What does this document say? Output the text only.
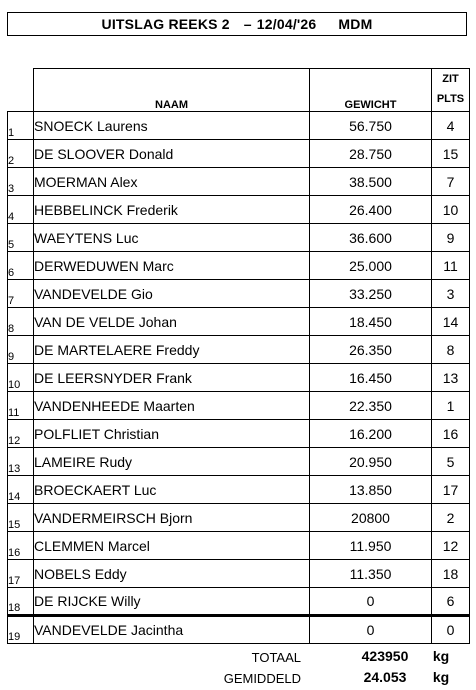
UITSLAG REEKS 2 – 12/04/'26 MDM
	NAAM	GEWICHT	ZIT
PLTS
1	SNOECK Laurens	56.750	4
2	DE SLOOVER Donald	28.750	15
3	MOERMAN Alex	38.500	7
4	HEBBELINCK Frederik	26.400	10
5	WAEYTENS Luc	36.600	9
6	DERWEDUWEN Marc	25.000	11
7	VANDEVELDE Gio	33.250	3
8	VAN DE VELDE Johan	18.450	14
9	DE MARTELAERE Freddy	26.350	8
10	DE LEERSNYDER Frank	16.450	13
11	VANDENHEEDE Maarten	22.350	1
12	POLFLIET Christian	16.200	16
13	LAMEIRE Rudy	20.950	5
14	BROECKAERT Luc	13.850	17
15	VANDERMEIRSCH Bjorn	20800	2
16	CLEMMEN Marcel	11.950	12
17	NOBELS Eddy	11.350	18
18	DE RIJCKE Willy	0	6
19	VANDEVELDE Jacintha	0	0
TOTAAL	423950	kg
GEMIDDELD	24.053	kg
